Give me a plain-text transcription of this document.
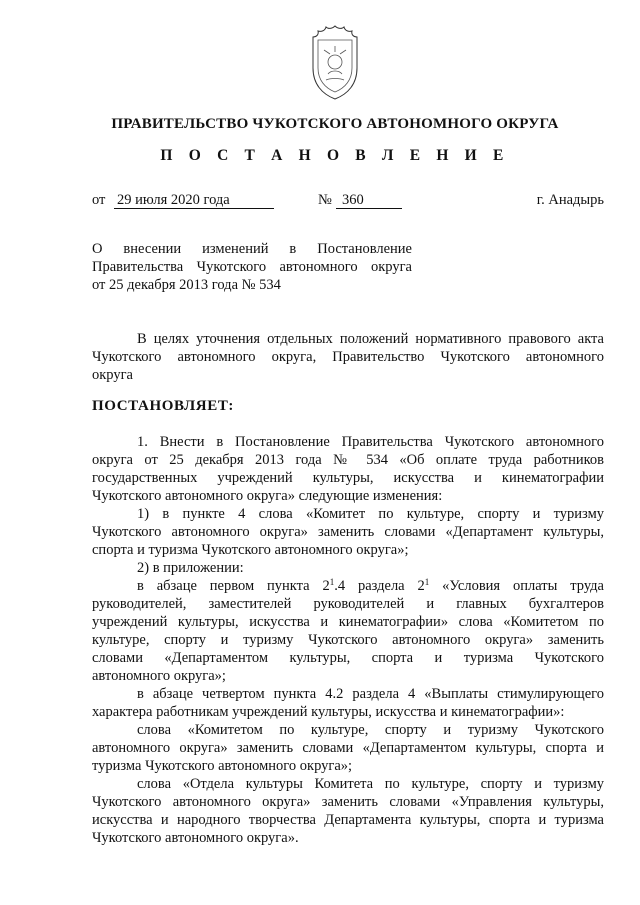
ПРАВИТЕЛЬСТВО ЧУКОТСКОГО АВТОНОМНОГО ОКРУГА
П О С Т А Н О В Л Е Н И Е
от 29 июля 2020 года	№ 360	г. Анадырь
О внесении изменений в Постановление
Правительства Чукотского автономного округа
от 25 декабря 2013 года № 534
В целях уточнения отдельных положений нормативного правового акта
Чукотского автономного округа, Правительство Чукотского автономного
округа
ПОСТАНОВЛЯЕТ:
1. Внести в Постановление Правительства Чукотского автономного
округа от 25 декабря 2013 года № 534 «Об оплате труда работников
государственных учреждений культуры, искусства и кинематографии
Чукотского автономного округа» следующие изменения:
1) в пункте 4 слова «Комитет по культуре, спорту и туризму
Чукотского автономного округа» заменить словами «Департамент культуры,
спорта и туризма Чукотского автономного округа»;
2) в приложении:
в абзаце первом пункта $2^1.4$ раздела $2^1$ «Условия оплаты труда
руководителей, заместителей руководителей и главных бухгалтеров
учреждений культуры, искусства и кинематографии» слова «Комитетом по
культуре, спорту и туризму Чукотского автономного округа» заменить
словами «Департаментом культуры, спорта и туризма Чукотского
автономного округа»;
в абзаце четвертом пункта 4.2 раздела 4 «Выплаты стимулирующего
характера работникам учреждений культуры, искусства и кинематографии»:
слова «Комитетом по культуре, спорту и туризму Чукотского
автономного округа» заменить словами «Департаментом культуры, спорта и
туризма Чукотского автономного округа»;
слова «Отдела культуры Комитета по культуре, спорту и туризму
Чукотского автономного округа» заменить словами «Управления культуры,
искусства и народного творчества Департамента культуры, спорта и туризма
Чукотского автономного округа».
